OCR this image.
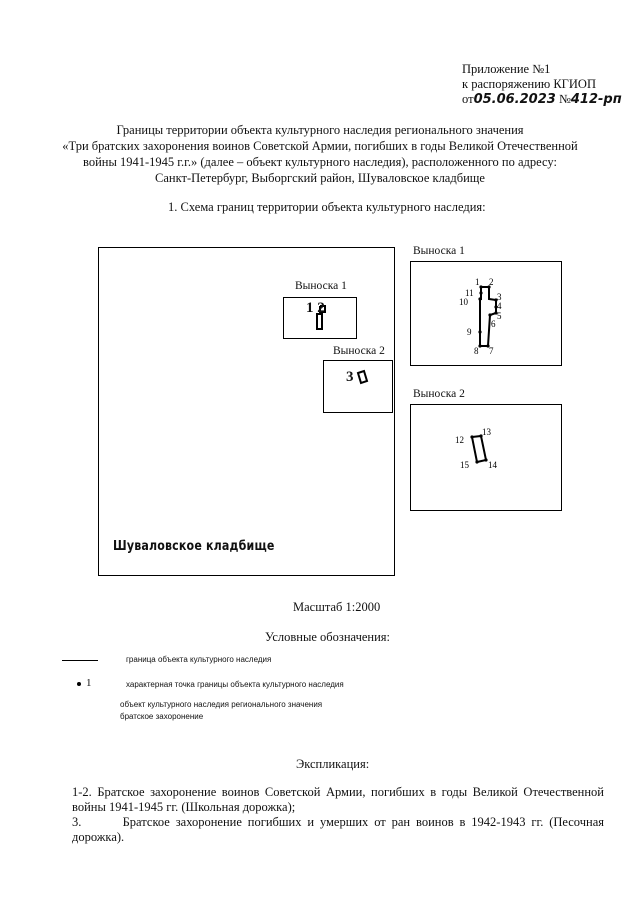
Приложение №1
к распоряжению КГИОП
от05.06.2023 №412-рп
Границы территории объекта культурного наследия регионального значения
«Три братских захоронения воинов Советской Армии, погибших в годы Великой Отечественной
войны 1941-1945 г.г.» (далее – объект культурного наследия), расположенного по адресу:
Санкт-Петербург, Выборгский район, Шуваловское кладбище
1. Схема границ территории объекта культурного наследия:
Шуваловское кладбище
Выноска 1
1 2
Выноска 2
3
Выноска 1
1 2
3
4
5
6
7
8
9
10
11
Выноска 2
12
13
14
15
Масштаб 1:2000
Условные обозначения:
граница объекта культурного наследия
1	характерная точка границы объекта культурного наследия
объект культурного наследия регионального значения
братское захоронение
Экспликация:

1-2. Братское захоронение воинов Советской Армии, погибших в годы Великой Отечественной войны 1941-1945 гг. (Школьная дорожка);

3.	Братское захоронение погибших и умерших от ран воинов в 1942-1943 гг. (Песочная дорожка).
